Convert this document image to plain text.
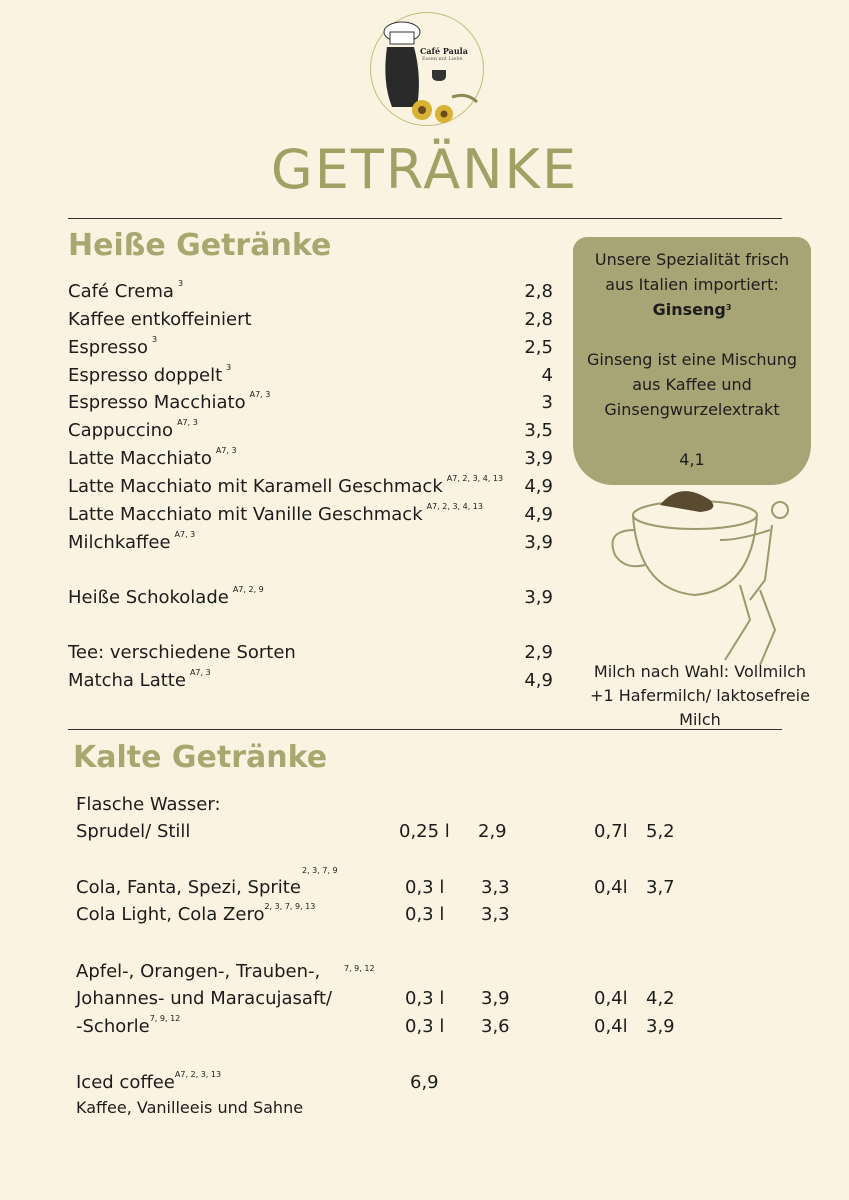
Café Paula
Essen mit Liebe
GETRÄNKE
Heiße Getränke
Café Crema $^3$	2,8
Kaffee entkoffeiniert	2,8
Espresso $^3$	2,5
Espresso doppelt $^3$	4
Espresso Macchiato $^{A7, 3}$	3
Cappuccino $^{A7, 3}$	3,5
Latte Macchiato $^{A7, 3}$	3,9
Latte Macchiato mit Karamell Geschmack $^{A7, 2, 3, 4, 13}$	4,9
Latte Macchiato mit Vanille Geschmack $^{A7, 2, 3, 4, 13}$	4,9
Milchkaffee $^{A7, 3}$	3,9
Heiße Schokolade $^{A7, 2, 9}$	3,9
Tee: verschiedene Sorten	2,9
Matcha Latte $^{A7, 3}$	4,9
Unsere Spezialität frisch
aus Italien importiert:
Ginseng$^3$
Ginseng ist eine Mischung
aus Kaffee und
Ginsengwurzelextrakt
4,1
Milch nach Wahl: Vollmilch
+1 Hafermilch/ laktosefreie
Milch
Kalte Getränke
Flasche Wasser:
Sprudel/ Still	0,25 l 2,9	0,7l 5,2
2, 3, 7, 9
Cola, Fanta, Spezi, Sprite	0,3 l 3,3	0,4l 3,7
Cola Light, Cola Zero$^{2, 3, 7, 9, 13}$	0,3 l 3,3
7, 9, 12
Apfel-, Orangen-, Trauben-,
Johannes- und Maracujasaft/	0,3 l 3,9	0,4l 4,2
-Schorle$^{7, 9, 12}$	0,3 l 3,6	0,4l 3,9
Iced coffee$^{A7, 2, 3, 13}$	6,9
Kaffee, Vanilleeis und Sahne
